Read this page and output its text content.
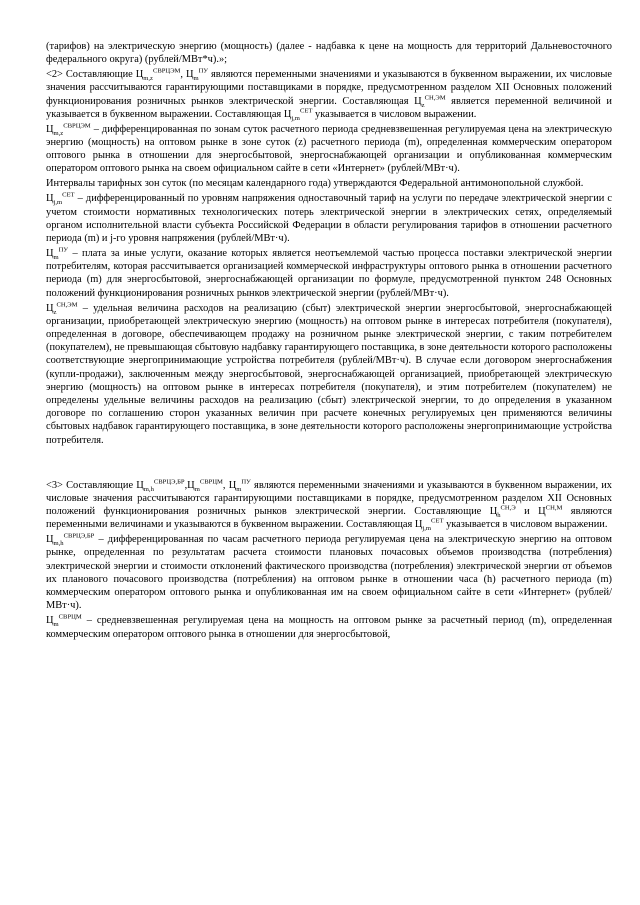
(тарифов) на электрическую энергию (мощность) (далее - надбавка к цене на мощность для территорий Дальневосточного федерального округа) (рублей/МВт*ч).»;

<2> Составляющие $Ц_{m,z}^{СВРЦЭМ}$, $Ц_m^{ПУ}$ являются переменными значениями и указываются в буквенном выражении, их числовые значения рассчитываются гарантирующими поставщиками в порядке, предусмотренном разделом XII Основных положений функционирования розничных рынков электрической энергии. Составляющая $Ц_z^{СН,ЭМ}$ является переменной величиной и указывается в буквенном выражении. Составляющая $Ц_{j,m}^{СЕТ}$ указывается в числовом выражении.

$Ц_{m,z}^{СВРЦЭМ}$ – дифференцированная по зонам суток расчетного периода средневзвешенная регулируемая цена на электрическую энергию (мощность) на оптовом рынке в зоне суток (z) расчетного периода (m), определенная коммерческим оператором оптового рынка в отношении для энергосбытовой, энергоснабжающей организации и опубликованная коммерческим оператором оптового рынка на своем официальном сайте в сети «Интернет» (рублей/МВт·ч).

Интервалы тарифных зон суток (по месяцам календарного года) утверждаются Федеральной антимонопольной службой.

$Ц_{j,m}^{СЕТ}$ – дифференцированный по уровням напряжения одноставочный тариф на услуги по передаче электрической энергии с учетом стоимости нормативных технологических потерь электрической энергии в электрических сетях, определяемый органом исполнительной власти субъекта Российской Федерации в области регулирования тарифов в отношении расчетного периода (m) и j-го уровня напряжения (рублей/МВт·ч).

$Ц_m^{ПУ}$ – плата за иные услуги, оказание которых является неотъемлемой частью процесса поставки электрической энергии потребителям, которая рассчитывается организацией коммерческой инфраструктуры оптового рынка в отношении расчетного периода (m) для энергосбытовой, энергоснабжающей организации по формуле, предусмотренной пунктом 248 Основных положений функционирования розничных рынков электрической энергии (рублей/МВт·ч).

$Ц_z^{СН,ЭМ}$ – удельная величина расходов на реализацию (сбыт) электрической энергии энергосбытовой, энергоснабжающей организации, приобретающей электрическую энергию (мощность) на оптовом рынке в интересах потребителя (покупателя), определенная в договоре, обеспечивающем продажу на розничном рынке электрической энергии, с таким потребителем (покупателем), не превышающая сбытовую надбавку гарантирующего поставщика, в зоне деятельности которого расположены соответствующие энергопринимающие устройства потребителя (рублей/МВт·ч). В случае если договором энергоснабжения (купли-продажи), заключенным между энергосбытовой, энергоснабжающей организацией, приобретающей электрическую энергию (мощность) на оптовом рынке в интересах потребителя (покупателя), и этим потребителем (покупателем) не определены удельные величины расходов на реализацию (сбыт) электрической энергии, то до определения в указанном договоре по соглашению сторон указанных величин при расчете конечных регулируемых цен применяются величины сбытовых надбавок гарантирующего поставщика, в зоне деятельности которого расположены энергопринимающие устройства потребителя.

<3> Составляющие $Ц_{m,h}^{СВРЦЭ,БР},Ц_m^{СВРЦМ}$, $Ц_m^{ПУ}$ являются переменными значениями и указываются в буквенном выражении, их числовые значения рассчитываются гарантирующими поставщиками в порядке, предусмотренном разделом XII Основных положений функционирования розничных рынков электрической энергии. Составляющие $Ц_h^{СН,Э}$ и $Ц^{СН,М}$ являются переменными величинами и указываются в буквенном выражении. Составляющая $Ц_{j,m}^{СЕТ}$ указывается в числовом выражении.

$Ц_{m,h}^{СВРЦЭ,БР}$ – дифференцированная по часам расчетного периода регулируемая цена на электрическую энергию на оптовом рынке, определенная по результатам расчета стоимости плановых почасовых объемов производства (потребления) электрической энергии и стоимости отклонений фактического производства (потребления) электрической энергии от объемов их планового почасового производства (потребления) на оптовом рынке в отношении часа (h) расчетного периода (m) коммерческим оператором оптового рынка и опубликованная им на своем официальном сайте в сети «Интернет» (рублей/МВт·ч).

$Ц_m^{СВРЦМ}$ – средневзвешенная регулируемая цена на мощность на оптовом рынке за расчетный период (m), определенная коммерческим оператором оптового рынка в отношении для энергосбытовой,
